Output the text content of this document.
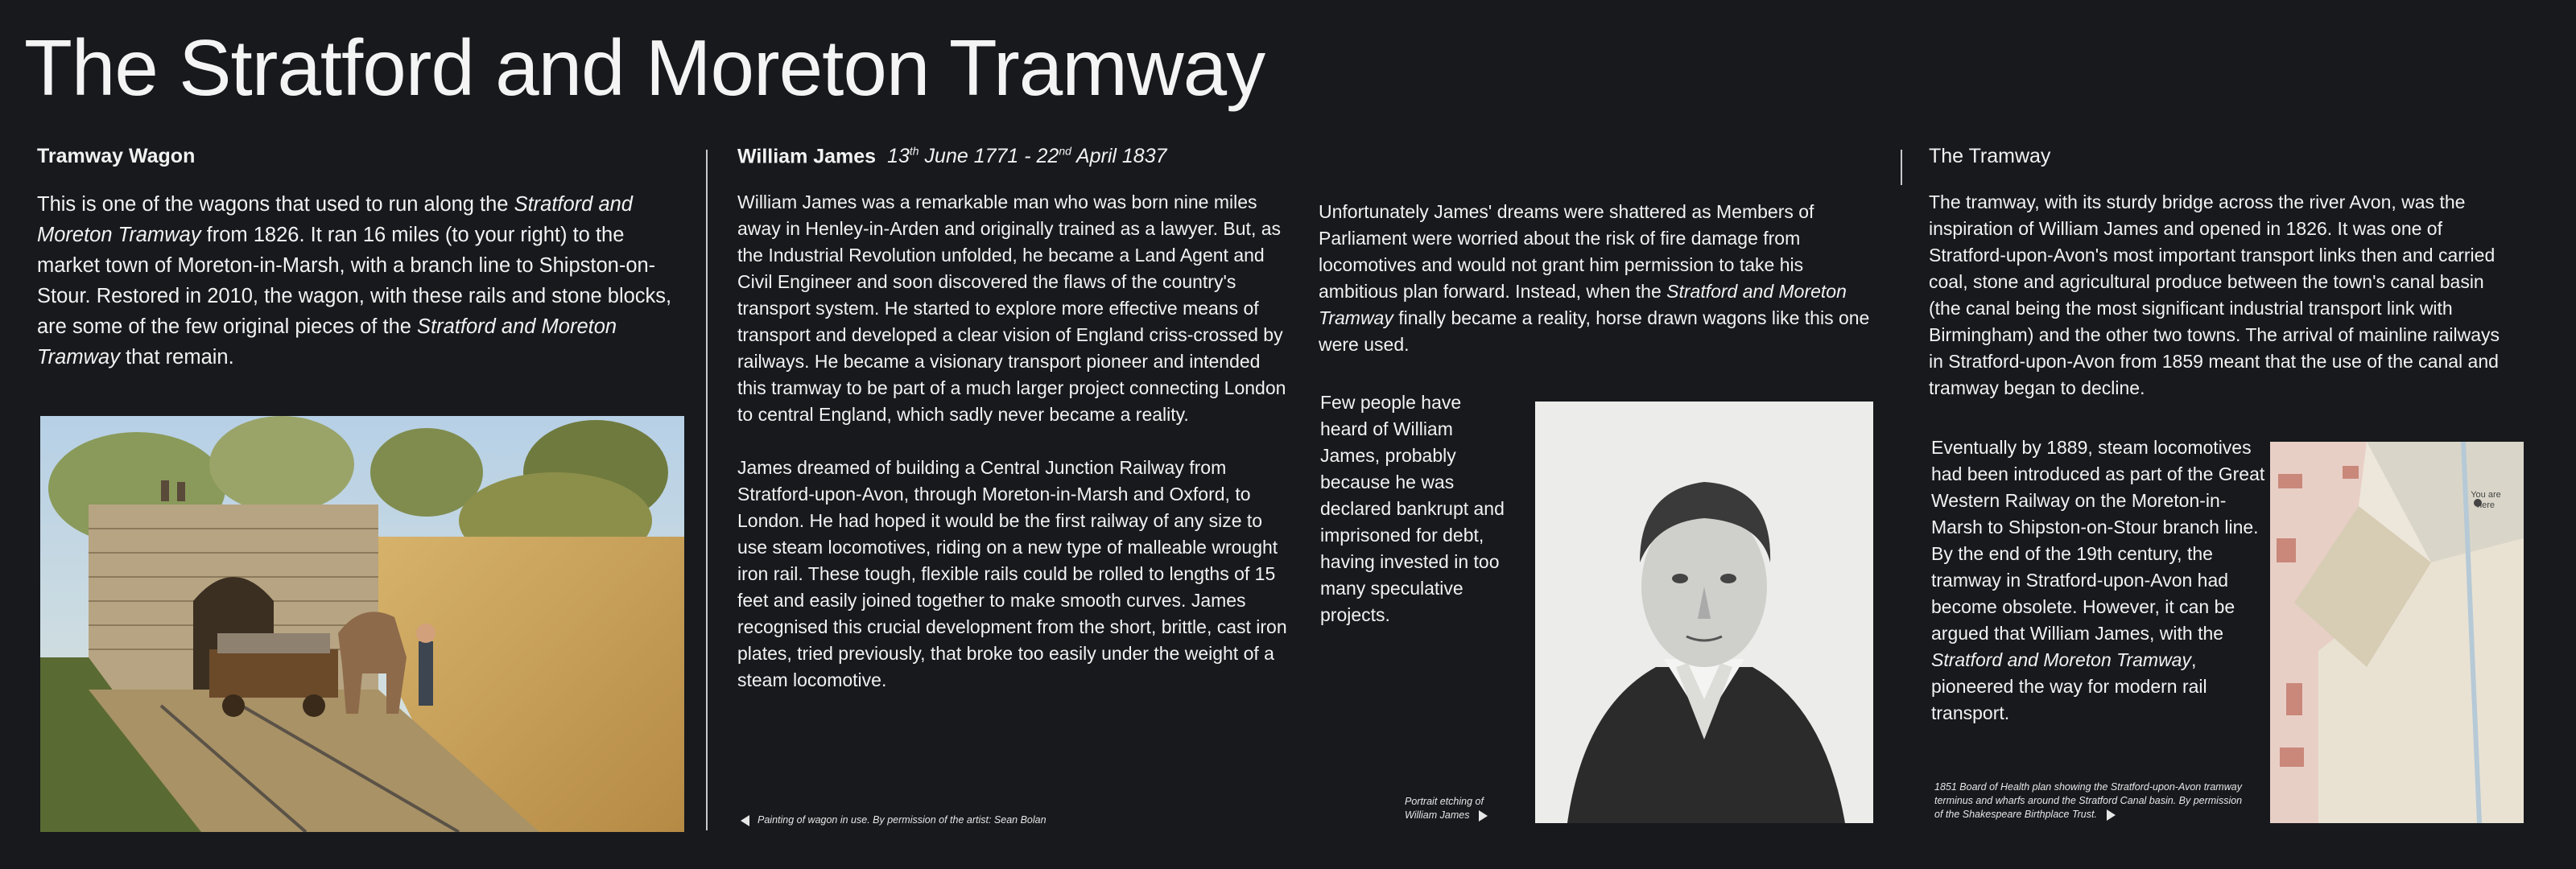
The Stratford and Moreton Tramway
Tramway Wagon

This is one of the wagons that used to run along the Stratford and Moreton Tramway from 1826. It ran 16 miles (to your right) to the market town of Moreton-in-Marsh, with a branch line to Shipston-on-Stour. Restored in 2010, the wagon, with these rails and stone blocks, are some of the few original pieces of the Stratford and Moreton Tramway that remain.

William James 13th June 1771 - 22nd April 1837

William James was a remarkable man who was born nine miles away in Henley-in-Arden and originally trained as a lawyer. But, as the Industrial Revolution unfolded, he became a Land Agent and Civil Engineer and soon discovered the flaws of the country's transport system. He started to explore more effective means of transport and developed a clear vision of England criss-crossed by railways. He became a visionary transport pioneer and intended this tramway to be part of a much larger project connecting London to central England, which sadly never became a reality.

James dreamed of building a Central Junction Railway from Stratford-upon-Avon, through Moreton-in-Marsh and Oxford, to London. He had hoped it would be the first railway of any size to use steam locomotives, riding on a new type of malleable wrought iron rail. These tough, flexible rails could be rolled to lengths of 15 feet and easily joined together to make smooth curves. James recognised this crucial development from the short, brittle, cast iron plates, tried previously, that broke too easily under the weight of a steam locomotive.

Painting of wagon in use. By permission of the artist: Sean Bolan

Unfortunately James' dreams were shattered as Members of Parliament were worried about the risk of fire damage from locomotives and would not grant him permission to take his ambitious plan forward. Instead, when the Stratford and Moreton Tramway finally became a reality, horse drawn wagons like this one were used.

Few people have heard of William James, probably because he was declared bankrupt and imprisoned for debt, having invested in too many speculative projects.

Portrait etching of William James
The Tramway

The tramway, with its sturdy bridge across the river Avon, was the inspiration of William James and opened in 1826. It was one of Stratford-upon-Avon's most important transport links then and carried coal, stone and agricultural produce between the town's canal basin (the canal being the most significant industrial transport link with Birmingham) and the other two towns. The arrival of mainline railways in Stratford-upon-Avon from 1859 meant that the use of the canal and tramway began to decline.

Eventually by 1889, steam locomotives had been introduced as part of the Great Western Railway on the Moreton-in-Marsh to Shipston-on-Stour branch line. By the end of the 19th century, the tramway in Stratford-upon-Avon had become obsolete. However, it can be argued that William James, with the Stratford and Moreton Tramway, pioneered the way for modern rail transport.

You are here
1851 Board of Health plan showing the Stratford-upon-Avon tramway terminus and wharfs around the Stratford Canal basin. By permission of the Shakespeare Birthplace Trust.
